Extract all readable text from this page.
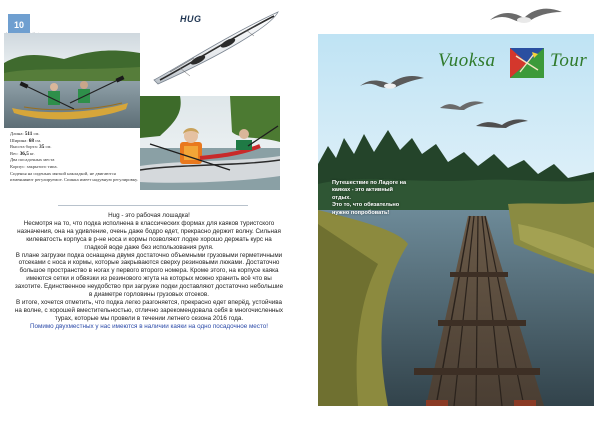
10
HUG
Длина: 511 см.
Ширина: 68 см.
Высота борта: 35 см.
Вес: 36,5 кг.
Два посадочных места
Корпус: закрытого типа.
Сиденья на сиденьях мягкой накладкой, не двигаются измеянияют регулируемое. Спинка имеет надувную регулировку.
Hug - это рабочая лошадка!
Несмотря на то, что подка исполнена в классических формах для каяков туристского назначения, она на удивление, очень даже бодро едет, прекрасно держит волну. Сильная килеватость корпуса в р-не носа и кормы позволяют лодке хорошо держать курс на гладкой воде даже без использования руля.
В плане загрузки подка оснащена двумя достаточно объемными грузовыми герметичными отсеками с носа и кормы, которые закрываются сверху резиновыми люками. Достаточно большое пространство в ногах у первого второго номера. Кроме этого, на корпусе каяка имеются сетки и обвязки из резинового жгута на которых можно хранить всё что вы захотите. Единственное неудобство при загрузке подки доставляют достаточно небольшие в диаметре горловины грузовых отсеков.
В итоге, хочется отметить, что подка легко разгоняется, прекрасно едет вперёд, устойчива на волне, с хорошей вместительностью, отлично зарекомендовала себя в многочисленных турах, которые мы провели в течении летнего сезона 2016 года.
Помимо двухместных у нас имеются в наличии каяки на одно посадочное место!
Vuoksa	Tour
Путешествие по Ладоге на
каяках - это активный
отдых.
Это то, что обязательно
нужно попробовать!
